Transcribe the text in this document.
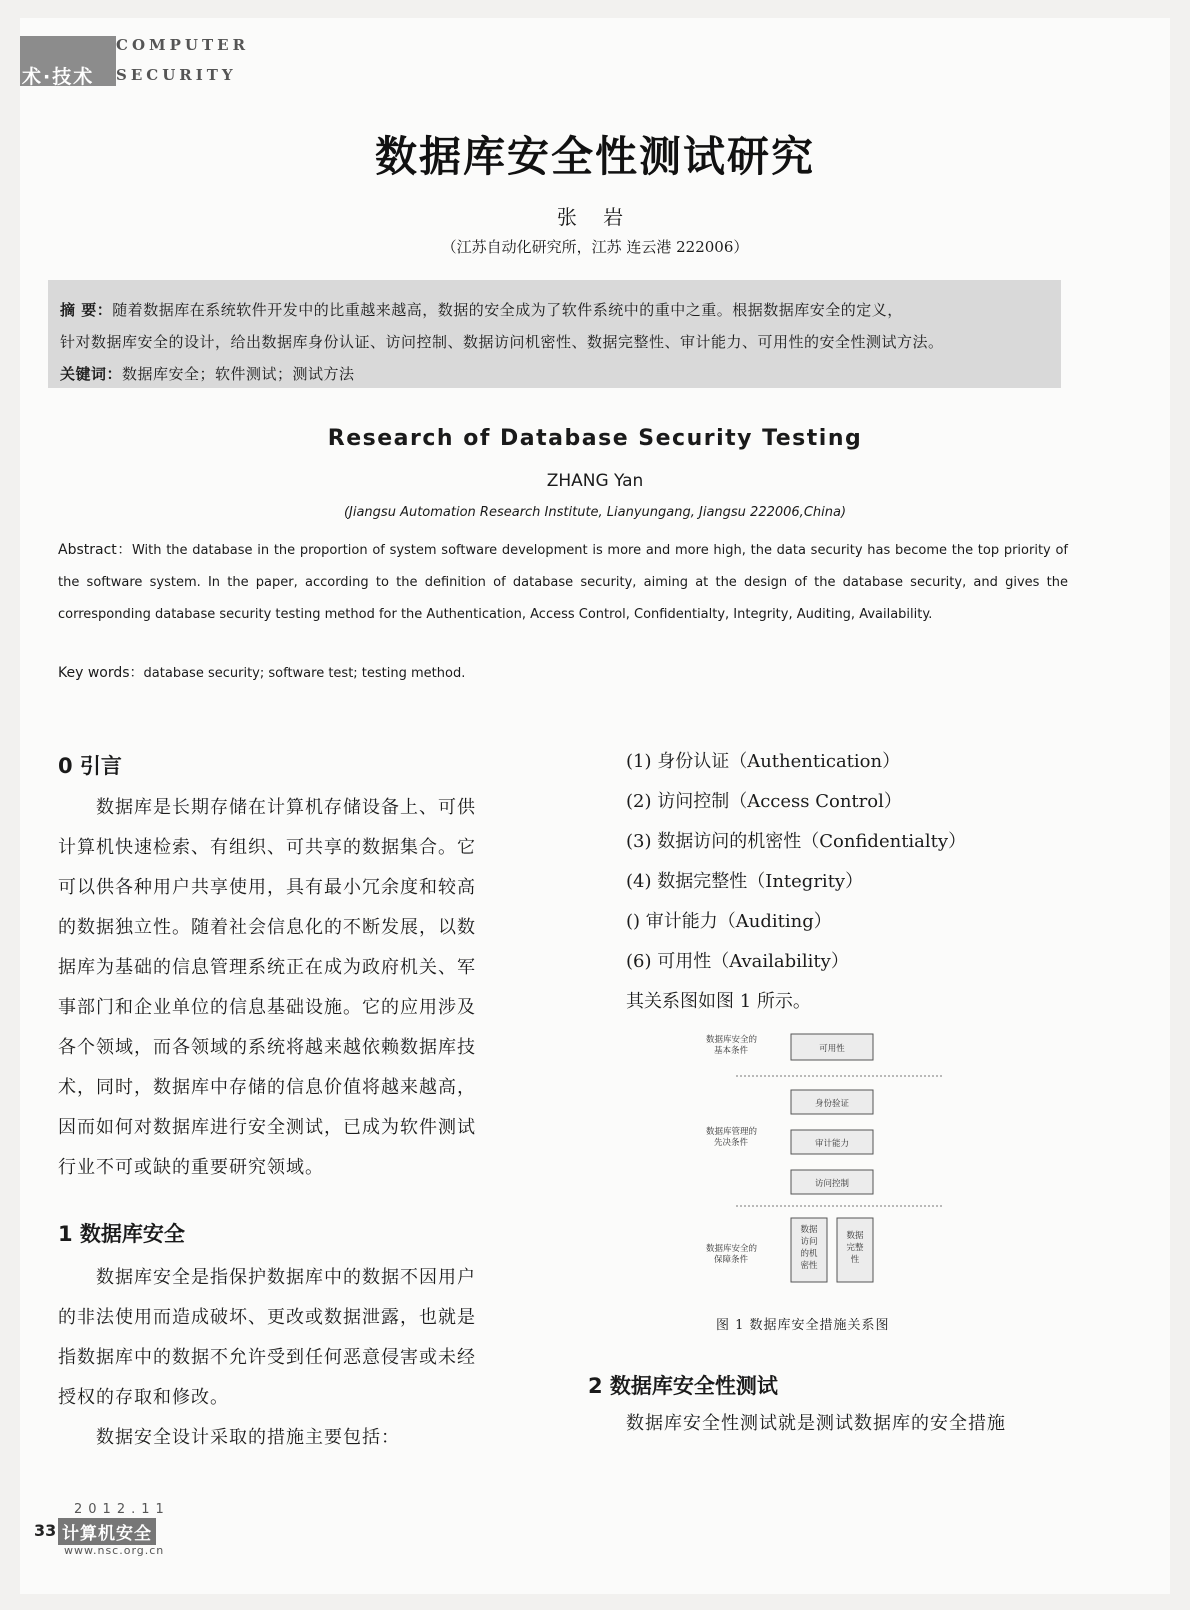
术·技术
COMPUTER
SECURITY
数据库安全性测试研究
张 岩
（江苏自动化研究所，江苏 连云港 222006）
摘 要：随着数据库在系统软件开发中的比重越来越高，数据的安全成为了软件系统中的重中之重。根据数据库安全的定义，
针对数据库安全的设计，给出数据库身份认证、访问控制、数据访问机密性、数据完整性、审计能力、可用性的安全性测试方法。
关键词：数据库安全；软件测试；测试方法
Research of Database Security Testing
ZHANG Yan
(Jiangsu Automation Research Institute, Lianyungang, Jiangsu 222006,China)
Abstract：With the database in the proportion of system software development is more and more high, the data security has become the top priority of the software system. In the paper, according to the definition of database security, aiming at the design of the database security, and gives the corresponding database security testing method for the Authentication, Access Control, Confidentialty, Integrity, Auditing, Availability.
Key words：database security; software test; testing method.
0 引言
数据库是长期存储在计算机存储设备上、可供
计算机快速检索、有组织、可共享的数据集合。它
可以供各种用户共享使用，具有最小冗余度和较高
的数据独立性。随着社会信息化的不断发展，以数
据库为基础的信息管理系统正在成为政府机关、军
事部门和企业单位的信息基础设施。它的应用涉及
各个领域，而各领域的系统将越来越依赖数据库技
术，同时，数据库中存储的信息价值将越来越高，
因而如何对数据库进行安全测试，已成为软件测试
行业不可或缺的重要研究领域。
1 数据库安全
数据库安全是指保护数据库中的数据不因用户
的非法使用而造成破坏、更改或数据泄露，也就是
指数据库中的数据不允许受到任何恶意侵害或未经
授权的存取和修改。
数据安全设计采取的措施主要包括：
(1) 身份认证（Authentication）
(2) 访问控制（Access Control）
(3) 数据访问的机密性（Confidentialty）
(4) 数据完整性（Integrity）
() 审计能力（Auditing）
(6) 可用性（Availability）
其关系图如图 1 所示。
数据库安全的
基本条件	可用性
数据库管理的
先决条件
身份验证
审计能力
访问控制
数据库安全的
保障条件
数据
访问
的机
密性
数据
完整
性
图 1 数据库安全措施关系图
2 数据库安全性测试
数据库安全性测试就是测试数据库的安全措施
2012.11
33 计算机安全
www.nsc.org.cn
